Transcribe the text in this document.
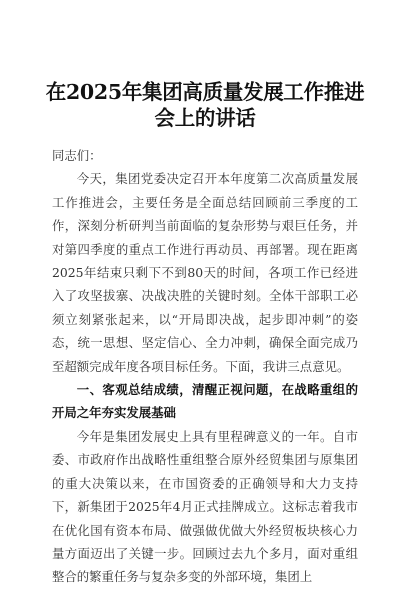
在2025年集团高质量发展工作推进会上的讲话

同志们：

今天，集团党委决定召开本年度第二次高质量发展工作推进会，主要任务是全面总结回顾前三季度的工作，深刻分析研判当前面临的复杂形势与艰巨任务，并对第四季度的重点工作进行再动员、再部署。现在距离2025年结束只剩下不到80天的时间，各项工作已经进入了攻坚拔寨、决战决胜的关键时刻。全体干部职工必须立刻紧张起来，以“开局即决战，起步即冲刺”的姿态，统一思想、坚定信心、全力冲刺，确保全面完成乃至超额完成年度各项目标任务。下面，我讲三点意见。

一、客观总结成绩，清醒正视问题，在战略重组的开局之年夯实发展基础

今年是集团发展史上具有里程碑意义的一年。自市委、市政府作出战略性重组整合原外经贸集团与原集团的重大决策以来，在市国资委的正确领导和大力支持下，新集团于2025年4月正式挂牌成立。这标志着我市在优化国有资本布局、做强做优做大外经贸板块核心力量方面迈出了关键一步。回顾过去九个多月，面对重组整合的繁重任务与复杂多变的外部环境，集团上
